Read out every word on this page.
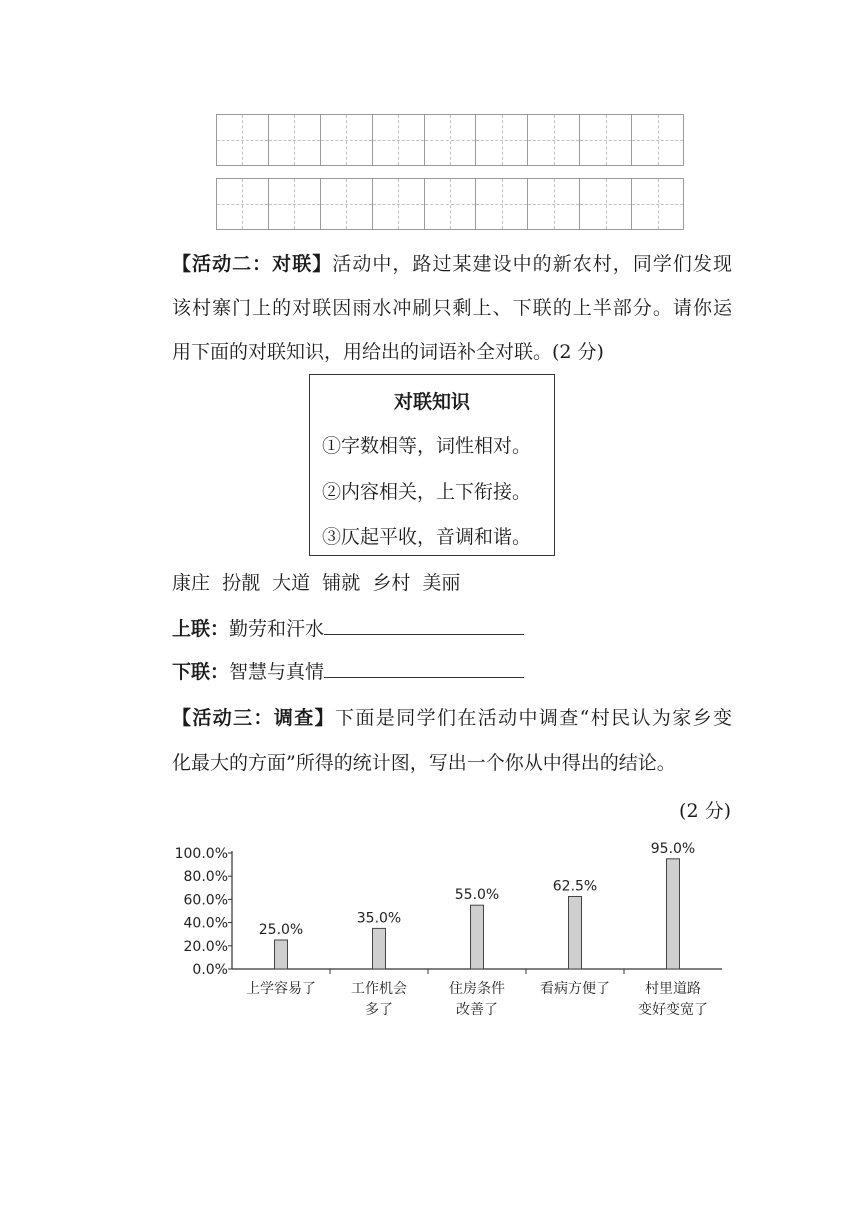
【活动二：对联】活动中，路过某建设中的新农村，同学们发现
该村寨门上的对联因雨水冲刷只剩上、下联的上半部分。请你运
用下面的对联知识，用给出的词语补全对联。(2 分)
对联知识
①字数相等，词性相对。
②内容相关，上下衔接。
③仄起平收，音调和谐。
康庄  扮靓  大道  铺就  乡村  美丽
上联：勤劳和汗水
下联：智慧与真情
【活动三：调查】下面是同学们在活动中调查“村民认为家乡变
化最大的方面”所得的统计图，写出一个你从中得出的结论。
(2 分)
0.0%
20.0%
40.0%
60.0%
80.0%
100.0%
25.0%
上学容易了
35.0%
工作机会
多了
55.0%
住房条件
改善了
62.5%
看病方便了
95.0%
村里道路
变好变宽了
